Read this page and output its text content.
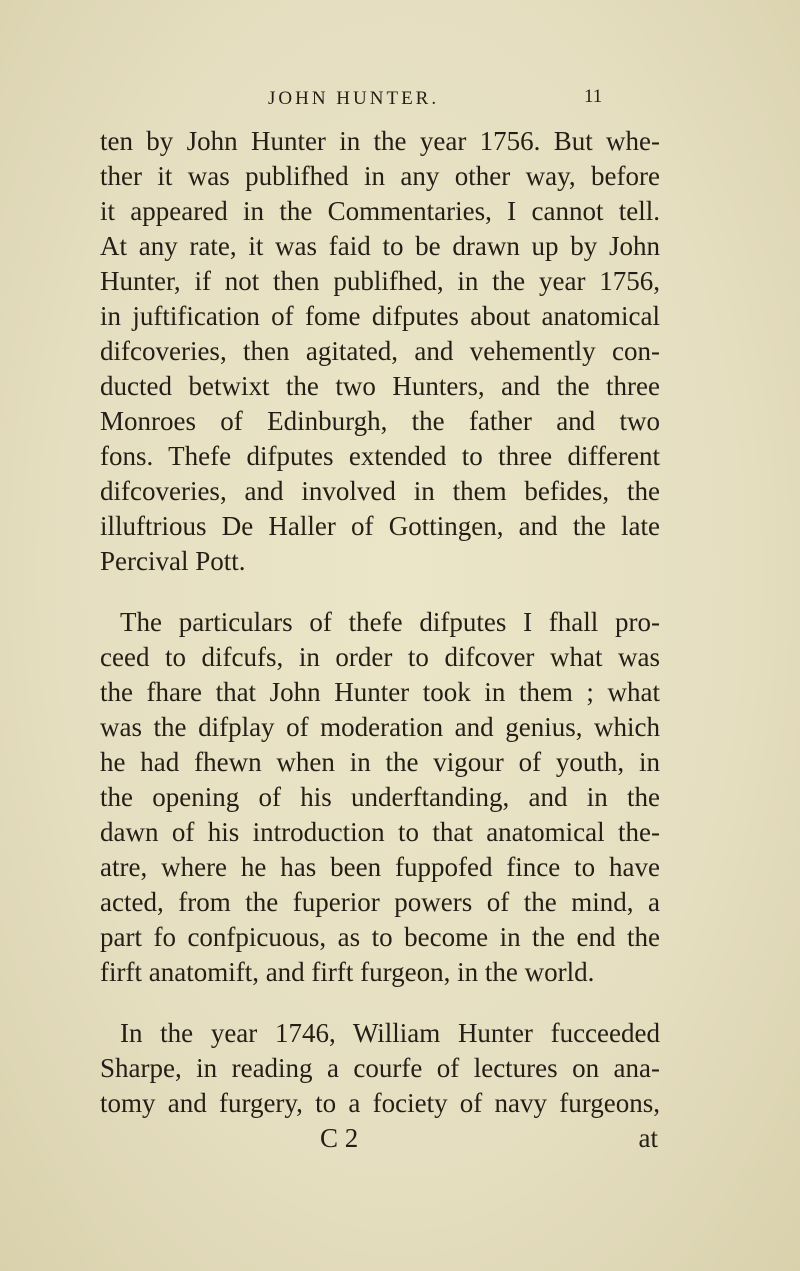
JOHN HUNTER.	11
ten by John Hunter in the year 1756. But whe-
ther it was publifhed in any other way, before
it appeared in the Commentaries, I cannot tell.
At any rate, it was faid to be drawn up by John
Hunter, if not then publifhed, in the year 1756,
in juftification of fome difputes about anatomical
difcoveries, then agitated, and vehemently con-
ducted betwixt the two Hunters, and the three
Monroes of Edinburgh, the father and two
fons. Thefe difputes extended to three different
difcoveries, and involved in them befides, the
illuftrious De Haller of Gottingen, and the late
Percival Pott.
The particulars of thefe difputes I fhall pro-
ceed to difcufs, in order to difcover what was
the fhare that John Hunter took in them ; what
was the difplay of moderation and genius, which
he had fhewn when in the vigour of youth, in
the opening of his underftanding, and in the
dawn of his introduction to that anatomical the-
atre, where he has been fuppofed fince to have
acted, from the fuperior powers of the mind, a
part fo confpicuous, as to become in the end the
firft anatomift, and firft furgeon, in the world.
In the year 1746, William Hunter fucceeded
Sharpe, in reading a courfe of lectures on ana-
tomy and furgery, to a fociety of navy furgeons,
C 2	at
